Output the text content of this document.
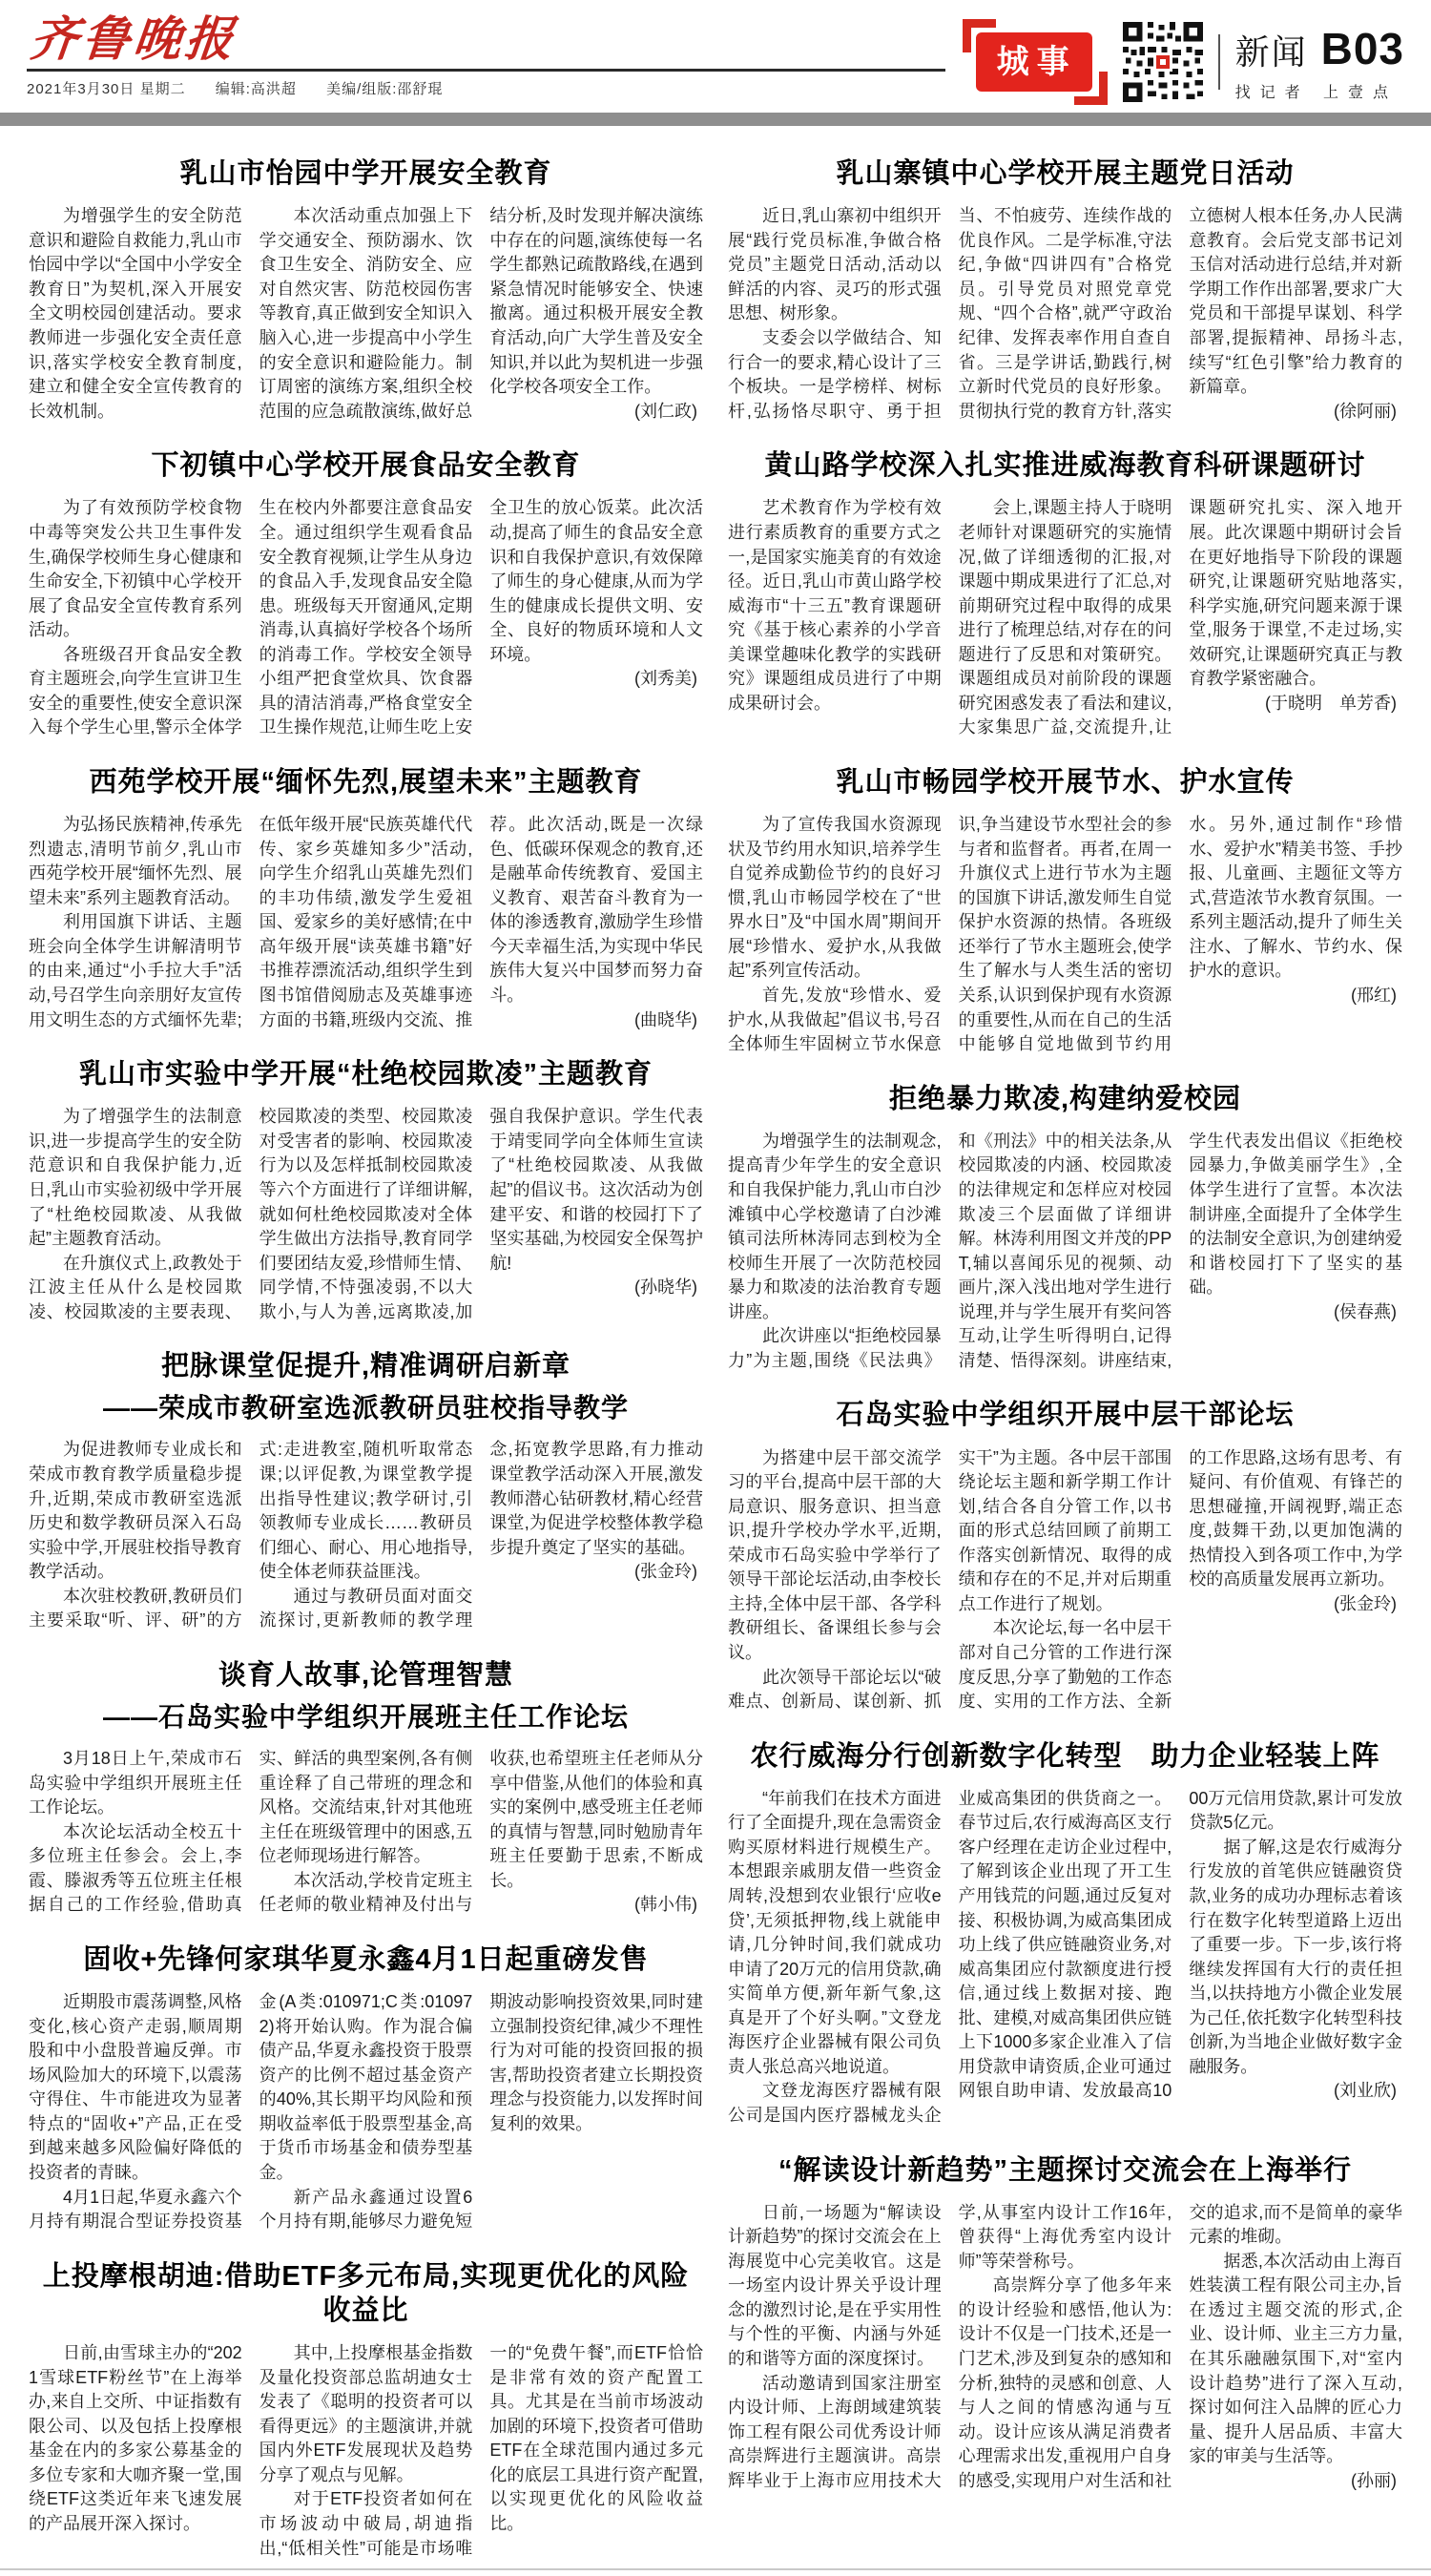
齐鲁晚报
2021年3月30日 星期二 编辑:高洪超 美编/组版:邵舒琨
城事	新闻 B03
找记者 上壹点
乳山市怡园中学开展安全教育

为增强学生的安全防范意识和避险自救能力,乳山市怡园中学以“全国中小学安全教育日”为契机,深入开展安全文明校园创建活动。要求教师进一步强化安全责任意识,落实学校安全教育制度,建立和健全安全宣传教育的长效机制。

本次活动重点加强上下学交通安全、预防溺水、饮食卫生安全、消防安全、应对自然灾害、防范校园伤害等教育,真正做到安全知识入脑入心,进一步提高中小学生的安全意识和避险能力。制订周密的演练方案,组织全校范围的应急疏散演练,做好总结分析,及时发现并解决演练中存在的问题,演练使每一名学生都熟记疏散路线,在遇到紧急情况时能够安全、快速撤离。通过积极开展安全教育活动,向广大学生普及安全知识,并以此为契机进一步强化学校各项安全工作。

(刘仁政)

下初镇中心学校开展食品安全教育

为了有效预防学校食物中毒等突发公共卫生事件发生,确保学校师生身心健康和生命安全,下初镇中心学校开展了食品安全宣传教育系列活动。

各班级召开食品安全教育主题班会,向学生宣讲卫生安全的重要性,使安全意识深入每个学生心里,警示全体学生在校内外都要注意食品安全。通过组织学生观看食品安全教育视频,让学生从身边的食品入手,发现食品安全隐患。班级每天开窗通风,定期消毒,认真搞好学校各个场所的消毒工作。学校安全领导小组严把食堂炊具、饮食器具的清洁消毒,严格食堂安全卫生操作规范,让师生吃上安全卫生的放心饭菜。此次活动,提高了师生的食品安全意识和自我保护意识,有效保障了师生的身心健康,从而为学生的健康成长提供文明、安全、良好的物质环境和人文环境。

(刘秀美)

西苑学校开展“缅怀先烈,展望未来”主题教育

为弘扬民族精神,传承先烈遗志,清明节前夕,乳山市西苑学校开展“缅怀先烈、展望未来”系列主题教育活动。

利用国旗下讲话、主题班会向全体学生讲解清明节的由来,通过“小手拉大手”活动,号召学生向亲朋好友宣传用文明生态的方式缅怀先辈;在低年级开展“民族英雄代代传、家乡英雄知多少”活动,向学生介绍乳山英雄先烈们的丰功伟绩,激发学生爱祖国、爱家乡的美好感情;在中高年级开展“读英雄书籍”好书推荐漂流活动,组织学生到图书馆借阅励志及英雄事迹方面的书籍,班级内交流、推荐。此次活动,既是一次绿色、低碳环保观念的教育,还是融革命传统教育、爱国主义教育、艰苦奋斗教育为一体的渗透教育,激励学生珍惜今天幸福生活,为实现中华民族伟大复兴中国梦而努力奋斗。

(曲晓华)

乳山市实验中学开展“杜绝校园欺凌”主题教育

为了增强学生的法制意识,进一步提高学生的安全防范意识和自我保护能力,近日,乳山市实验初级中学开展了“杜绝校园欺凌、从我做起”主题教育活动。

在升旗仪式上,政教处于江波主任从什么是校园欺凌、校园欺凌的主要表现、校园欺凌的类型、校园欺凌对受害者的影响、校园欺凌行为以及怎样抵制校园欺凌等六个方面进行了详细讲解,就如何杜绝校园欺凌对全体学生做出方法指导,教育同学们要团结友爱,珍惜师生情、同学情,不恃强凌弱,不以大欺小,与人为善,远离欺凌,加强自我保护意识。学生代表于靖雯同学向全体师生宣读了“杜绝校园欺凌、从我做起”的倡议书。这次活动为创建平安、和谐的校园打下了坚实基础,为校园安全保驾护航!

(孙晓华)

把脉课堂促提升,精准调研启新章
——荣成市教研室选派教研员驻校指导教学

为促进教师专业成长和荣成市教育教学质量稳步提升,近期,荣成市教研室选派历史和数学教研员深入石岛实验中学,开展驻校指导教育教学活动。

本次驻校教研,教研员们主要采取“听、评、研”的方式:走进教室,随机听取常态课;以评促教,为课堂教学提出指导性建议;教学研讨,引领教师专业成长……教研员们细心、耐心、用心地指导,使全体老师获益匪浅。

通过与教研员面对面交流探讨,更新教师的教学理念,拓宽教学思路,有力推动课堂教学活动深入开展,激发教师潜心钻研教材,精心经营课堂,为促进学校整体教学稳步提升奠定了坚实的基础。

(张金玲)

谈育人故事,论管理智慧
——石岛实验中学组织开展班主任工作论坛

3月18日上午,荣成市石岛实验中学组织开展班主任工作论坛。

本次论坛活动全校五十多位班主任参会。会上,李霞、滕淑秀等五位班主任根据自己的工作经验,借助真实、鲜活的典型案例,各有侧重诠释了自己带班的理念和风格。交流结束,针对其他班主任在班级管理中的困惑,五位老师现场进行解答。

本次活动,学校肯定班主任老师的敬业精神及付出与收获,也希望班主任老师从分享中借鉴,从他们的体验和真实的案例中,感受班主任老师的真情与智慧,同时勉励青年班主任要勤于思索,不断成长。

(韩小伟)

固收+先锋何家琪华夏永鑫4月1日起重磅发售

近期股市震荡调整,风格变化,核心资产走弱,顺周期股和中小盘股普遍反弹。市场风险加大的环境下,以震荡守得住、牛市能进攻为显著特点的“固收+”产品,正在受到越来越多风险偏好降低的投资者的青睐。

4月1日起,华夏永鑫六个月持有期混合型证券投资基金(A类:010971;C类:010972)将开始认购。作为混合偏债产品,华夏永鑫投资于股票资产的比例不超过基金资产的40%,其长期平均风险和预期收益率低于股票型基金,高于货币市场基金和债券型基金。

新产品永鑫通过设置6个月持有期,能够尽力避免短期波动影响投资效果,同时建立强制投资纪律,减少不理性行为对可能的投资回报的损害,帮助投资者建立长期投资理念与投资能力,以发挥时间复利的效果。

上投摩根胡迪:借助ETF多元布局,实现更优化的风险收益比

日前,由雪球主办的“2021雪球ETF粉丝节”在上海举办,来自上交所、中证指数有限公司、以及包括上投摩根基金在内的多家公募基金的多位专家和大咖齐聚一堂,围绕ETF这类近年来飞速发展的产品展开深入探讨。

其中,上投摩根基金指数及量化投资部总监胡迪女士发表了《聪明的投资者可以看得更远》的主题演讲,并就国内外ETF发展现状及趋势分享了观点与见解。

对于ETF投资者如何在市场波动中破局,胡迪指出,“低相关性”可能是市场唯一的“免费午餐”,而ETF恰恰是非常有效的资产配置工具。尤其是在当前市场波动加剧的环境下,投资者可借助ETF在全球范围内通过多元化的底层工具进行资产配置,以实现更优化的风险收益比。

乳山寨镇中心学校开展主题党日活动

近日,乳山寨初中组织开展“践行党员标准,争做合格党员”主题党日活动,活动以鲜活的内容、灵巧的形式强思想、树形象。

支委会以学做结合、知行合一的要求,精心设计了三个板块。一是学榜样、树标杆,弘扬恪尽职守、勇于担当、不怕疲劳、连续作战的优良作风。二是学标准,守法纪,争做“四讲四有”合格党员。引导党员对照党章党规、“四个合格”,就严守政治纪律、发挥表率作用自查自省。三是学讲话,勤践行,树立新时代党员的良好形象。贯彻执行党的教育方针,落实立德树人根本任务,办人民满意教育。会后党支部书记刘玉信对活动进行总结,并对新学期工作作出部署,要求广大党员和干部提早谋划、科学部署,提振精神、昂扬斗志,续写“红色引擎”给力教育的新篇章。

(徐阿丽)

黄山路学校深入扎实推进威海教育科研课题研讨

艺术教育作为学校有效进行素质教育的重要方式之一,是国家实施美育的有效途径。近日,乳山市黄山路学校威海市“十三五”教育课题研究《基于核心素养的小学音美课堂趣味化教学的实践研究》课题组成员进行了中期成果研讨会。

会上,课题主持人于晓明老师针对课题研究的实施情况,做了详细透彻的汇报,对课题中期成果进行了汇总,对前期研究过程中取得的成果进行了梳理总结,对存在的问题进行了反思和对策研究。课题组成员对前阶段的课题研究困惑发表了看法和建议,大家集思广益,交流提升,让课题研究扎实、深入地开展。此次课题中期研讨会旨在更好地指导下阶段的课题研究,让课题研究贴地落实,科学实施,研究问题来源于课堂,服务于课堂,不走过场,实效研究,让课题研究真正与教育教学紧密融合。

(于晓明　单芳香)

乳山市畅园学校开展节水、护水宣传

为了宣传我国水资源现状及节约用水知识,培养学生自觉养成勤俭节约的良好习惯,乳山市畅园学校在了“世界水日”及“中国水周”期间开展“珍惜水、爱护水,从我做起”系列宣传活动。

首先,发放“珍惜水、爱护水,从我做起”倡议书,号召全体师生牢固树立节水保意识,争当建设节水型社会的参与者和监督者。再者,在周一升旗仪式上进行节水为主题的国旗下讲话,激发师生自觉保护水资源的热情。各班级还举行了节水主题班会,使学生了解水与人类生活的密切关系,认识到保护现有水资源的重要性,从而在自己的生活中能够自觉地做到节约用水。另外,通过制作“珍惜水、爱护水”精美书签、手抄报、儿童画、主题征文等方式,营造浓节水教育氛围。一系列主题活动,提升了师生关注水、了解水、节约水、保护水的意识。

(邢红)

拒绝暴力欺凌,构建纳爱校园

为增强学生的法制观念,提高青少年学生的安全意识和自我保护能力,乳山市白沙滩镇中心学校邀请了白沙滩镇司法所林涛同志到校为全校师生开展了一次防范校园暴力和欺凌的法治教育专题讲座。

此次讲座以“拒绝校园暴力”为主题,围绕《民法典》和《刑法》中的相关法条,从校园欺凌的内涵、校园欺凌的法律规定和怎样应对校园欺凌三个层面做了详细讲解。林涛利用图文并茂的PPT,辅以喜闻乐见的视频、动画片,深入浅出地对学生进行说理,并与学生展开有奖问答互动,让学生听得明白,记得清楚、悟得深刻。讲座结束,学生代表发出倡议《拒绝校园暴力,争做美丽学生》,全体学生进行了宣誓。本次法制讲座,全面提升了全体学生的法制安全意识,为创建纳爱和谐校园打下了坚实的基础。

(侯春燕)

石岛实验中学组织开展中层干部论坛

为搭建中层干部交流学习的平台,提高中层干部的大局意识、服务意识、担当意识,提升学校办学水平,近期,荣成市石岛实验中学举行了领导干部论坛活动,由李校长主持,全体中层干部、各学科教研组长、备课组长参与会议。

此次领导干部论坛以“破难点、创新局、谋创新、抓实干”为主题。各中层干部围绕论坛主题和新学期工作计划,结合各自分管工作,以书面的形式总结回顾了前期工作落实创新情况、取得的成绩和存在的不足,并对后期重点工作进行了规划。

本次论坛,每一名中层干部对自己分管的工作进行深度反思,分享了勤勉的工作态度、实用的工作方法、全新的工作思路,这场有思考、有疑问、有价值观、有锋芒的思想碰撞,开阔视野,端正态度,鼓舞干劲,以更加饱满的热情投入到各项工作中,为学校的高质量发展再立新功。

(张金玲)

农行威海分行创新数字化转型　助力企业轻装上阵

“年前我们在技术方面进行了全面提升,现在急需资金购买原材料进行规模生产。本想跟亲戚朋友借一些资金周转,没想到农业银行‘应收e贷’,无须抵押物,线上就能申请,几分钟时间,我们就成功申请了20万元的信用贷款,确实简单方便,新年新气象,这真是开了个好头啊。”文登龙海医疗企业器械有限公司负责人张总高兴地说道。

文登龙海医疗器械有限公司是国内医疗器械龙头企业威高集团的供货商之一。春节过后,农行威海高区支行客户经理在走访企业过程中,了解到该企业出现了开工生产用钱荒的问题,通过反复对接、积极协调,为威高集团成功上线了供应链融资业务,对威高集团应付款额度进行授信,通过线上数据对接、跑批、建模,对威高集团供应链上下1000多家企业准入了信用贷款申请资质,企业可通过网银自助申请、发放最高1000万元信用贷款,累计可发放贷款5亿元。

据了解,这是农行威海分行发放的首笔供应链融资贷款,业务的成功办理标志着该行在数字化转型道路上迈出了重要一步。下一步,该行将继续发挥国有大行的责任担当,以扶持地方小微企业发展为己任,依托数字化转型科技创新,为当地企业做好数字金融服务。

(刘业欣)

“解读设计新趋势”主题探讨交流会在上海举行

日前,一场题为“解读设计新趋势”的探讨交流会在上海展览中心完美收官。这是一场室内设计界关乎设计理念的激烈讨论,是在乎实用性与个性的平衡、内涵与外延的和谐等方面的深度探讨。

活动邀请到国家注册室内设计师、上海朗域建筑装饰工程有限公司优秀设计师高崇辉进行主题演讲。高崇辉毕业于上海市应用技术大学,从事室内设计工作16年,曾获得“上海优秀室内设计师”等荣誉称号。

高崇辉分享了他多年来的设计经验和感悟,他认为:设计不仅是一门技术,还是一门艺术,涉及到复杂的感知和分析,独特的灵感和创意、人与人之间的情感沟通与互动。设计应该从满足消费者心理需求出发,重视用户自身的感受,实现用户对生活和社交的追求,而不是简单的豪华元素的堆砌。

据悉,本次活动由上海百姓装潢工程有限公司主办,旨在透过主题交流的形式,企业、设计师、业主三方力量,在其乐融融氛围下,对“室内设计趋势”进行了深入互动,探讨如何注入品牌的匠心力量、提升人居品质、丰富大家的审美与生活等。

(孙丽)
